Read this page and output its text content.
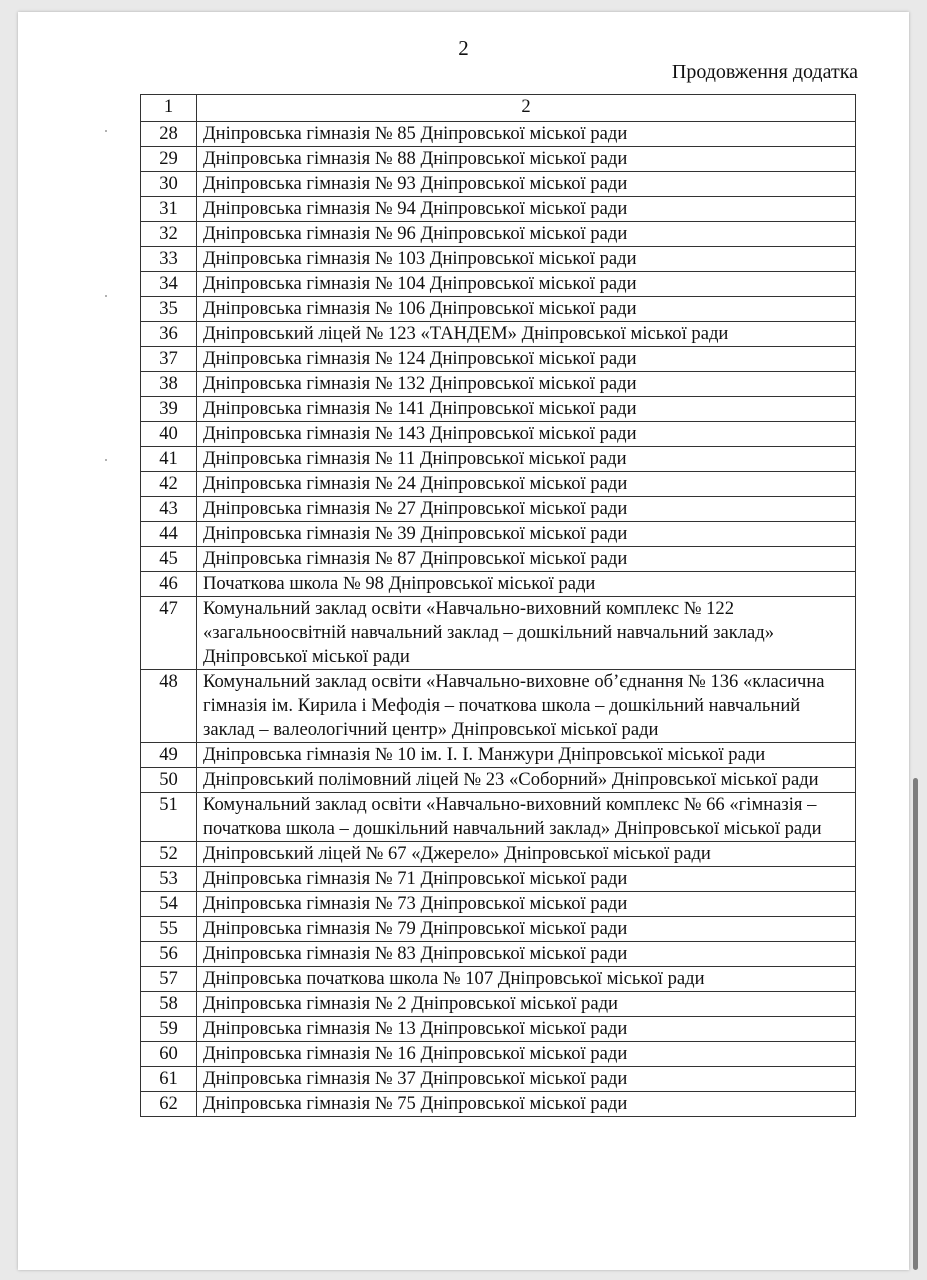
2
Продовження додатка
1	2
28	Дніпровська гімназія № 85 Дніпровської міської ради
29	Дніпровська гімназія № 88 Дніпровської міської ради
30	Дніпровська гімназія № 93 Дніпровської міської ради
31	Дніпровська гімназія № 94 Дніпровської міської ради
32	Дніпровська гімназія № 96 Дніпровської міської ради
33	Дніпровська гімназія № 103 Дніпровської міської ради
34	Дніпровська гімназія № 104 Дніпровської міської ради
35	Дніпровська гімназія № 106 Дніпровської міської ради
36	Дніпровський ліцей № 123 «ТАНДЕМ» Дніпровської міської ради
37	Дніпровська гімназія № 124 Дніпровської міської ради
38	Дніпровська гімназія № 132 Дніпровської міської ради
39	Дніпровська гімназія № 141 Дніпровської міської ради
40	Дніпровська гімназія № 143 Дніпровської міської ради
41	Дніпровська гімназія № 11 Дніпровської міської ради
42	Дніпровська гімназія № 24 Дніпровської міської ради
43	Дніпровська гімназія № 27 Дніпровської міської ради
44	Дніпровська гімназія № 39 Дніпровської міської ради
45	Дніпровська гімназія № 87 Дніпровської міської ради
46	Початкова школа № 98 Дніпровської міської ради
47	Комунальний заклад освіти «Навчально-виховний комплекс № 122 «загальноосвітній навчальний заклад – дошкільний навчальний заклад» Дніпровської міської ради
48	Комунальний заклад освіти «Навчально-виховне об’єднання № 136 «класична гімназія ім. Кирила і Мефодія – початкова школа – дошкільний навчальний заклад – валеологічний центр» Дніпровської міської ради
49	Дніпровська гімназія № 10 ім. І. І. Манжури Дніпровської міської ради
50	Дніпровський полімовний ліцей № 23 «Соборний» Дніпровської міської ради
51	Комунальний заклад освіти «Навчально-виховний комплекс № 66 «гімназія – початкова школа – дошкільний навчальний заклад» Дніпровської міської ради
52	Дніпровський ліцей № 67 «Джерело» Дніпровської міської ради
53	Дніпровська гімназія № 71 Дніпровської міської ради
54	Дніпровська гімназія № 73 Дніпровської міської ради
55	Дніпровська гімназія № 79 Дніпровської міської ради
56	Дніпровська гімназія № 83 Дніпровської міської ради
57	Дніпровська початкова школа № 107 Дніпровської міської ради
58	Дніпровська гімназія № 2 Дніпровської міської ради
59	Дніпровська гімназія № 13 Дніпровської міської ради
60	Дніпровська гімназія № 16 Дніпровської міської ради
61	Дніпровська гімназія № 37 Дніпровської міської ради
62	Дніпровська гімназія № 75 Дніпровської міської ради
